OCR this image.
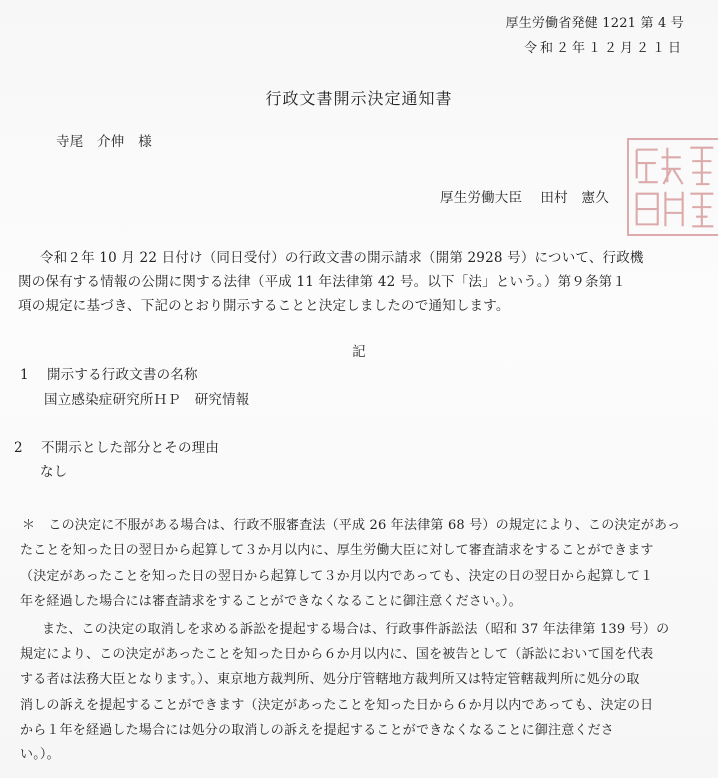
厚生労働省発健 1221 第 4 号
令和２年１２月２１日
行政文書開示決定通知書
寺尾　介伸　様
厚生労働大臣　 田村　憲久
令和２年 10 月 22 日付け（同日受付）の行政文書の開示請求（開第 2928 号）について、行政機
関の保有する情報の公開に関する法律（平成 11 年法律第 42 号。以下「法」という。）第９条第１
項の規定に基づき、下記のとおり開示することと決定しましたので通知します。
記
1　 開示する行政文書の名称
国立感染症研究所ＨＰ　研究情報
2　 不開示とした部分とその理由
なし
＊　この決定に不服がある場合は、行政不服審査法（平成 26 年法律第 68 号）の規定により、この決定があっ
たことを知った日の翌日から起算して３か月以内に、厚生労働大臣に対して審査請求をすることができます
（決定があったことを知った日の翌日から起算して３か月以内であっても、決定の日の翌日から起算して１
年を経過した場合には審査請求をすることができなくなることに御注意ください。）。
また、この決定の取消しを求める訴訟を提起する場合は、行政事件訴訟法（昭和 37 年法律第 139 号）の
規定により、この決定があったことを知った日から６か月以内に、国を被告として（訴訟において国を代表
する者は法務大臣となります。）、東京地方裁判所、処分庁管轄地方裁判所又は特定管轄裁判所に処分の取
消しの訴えを提起することができます（決定があったことを知った日から６か月以内であっても、決定の日
から１年を経過した場合には処分の取消しの訴えを提起することができなくなることに御注意くださ
い。）。
